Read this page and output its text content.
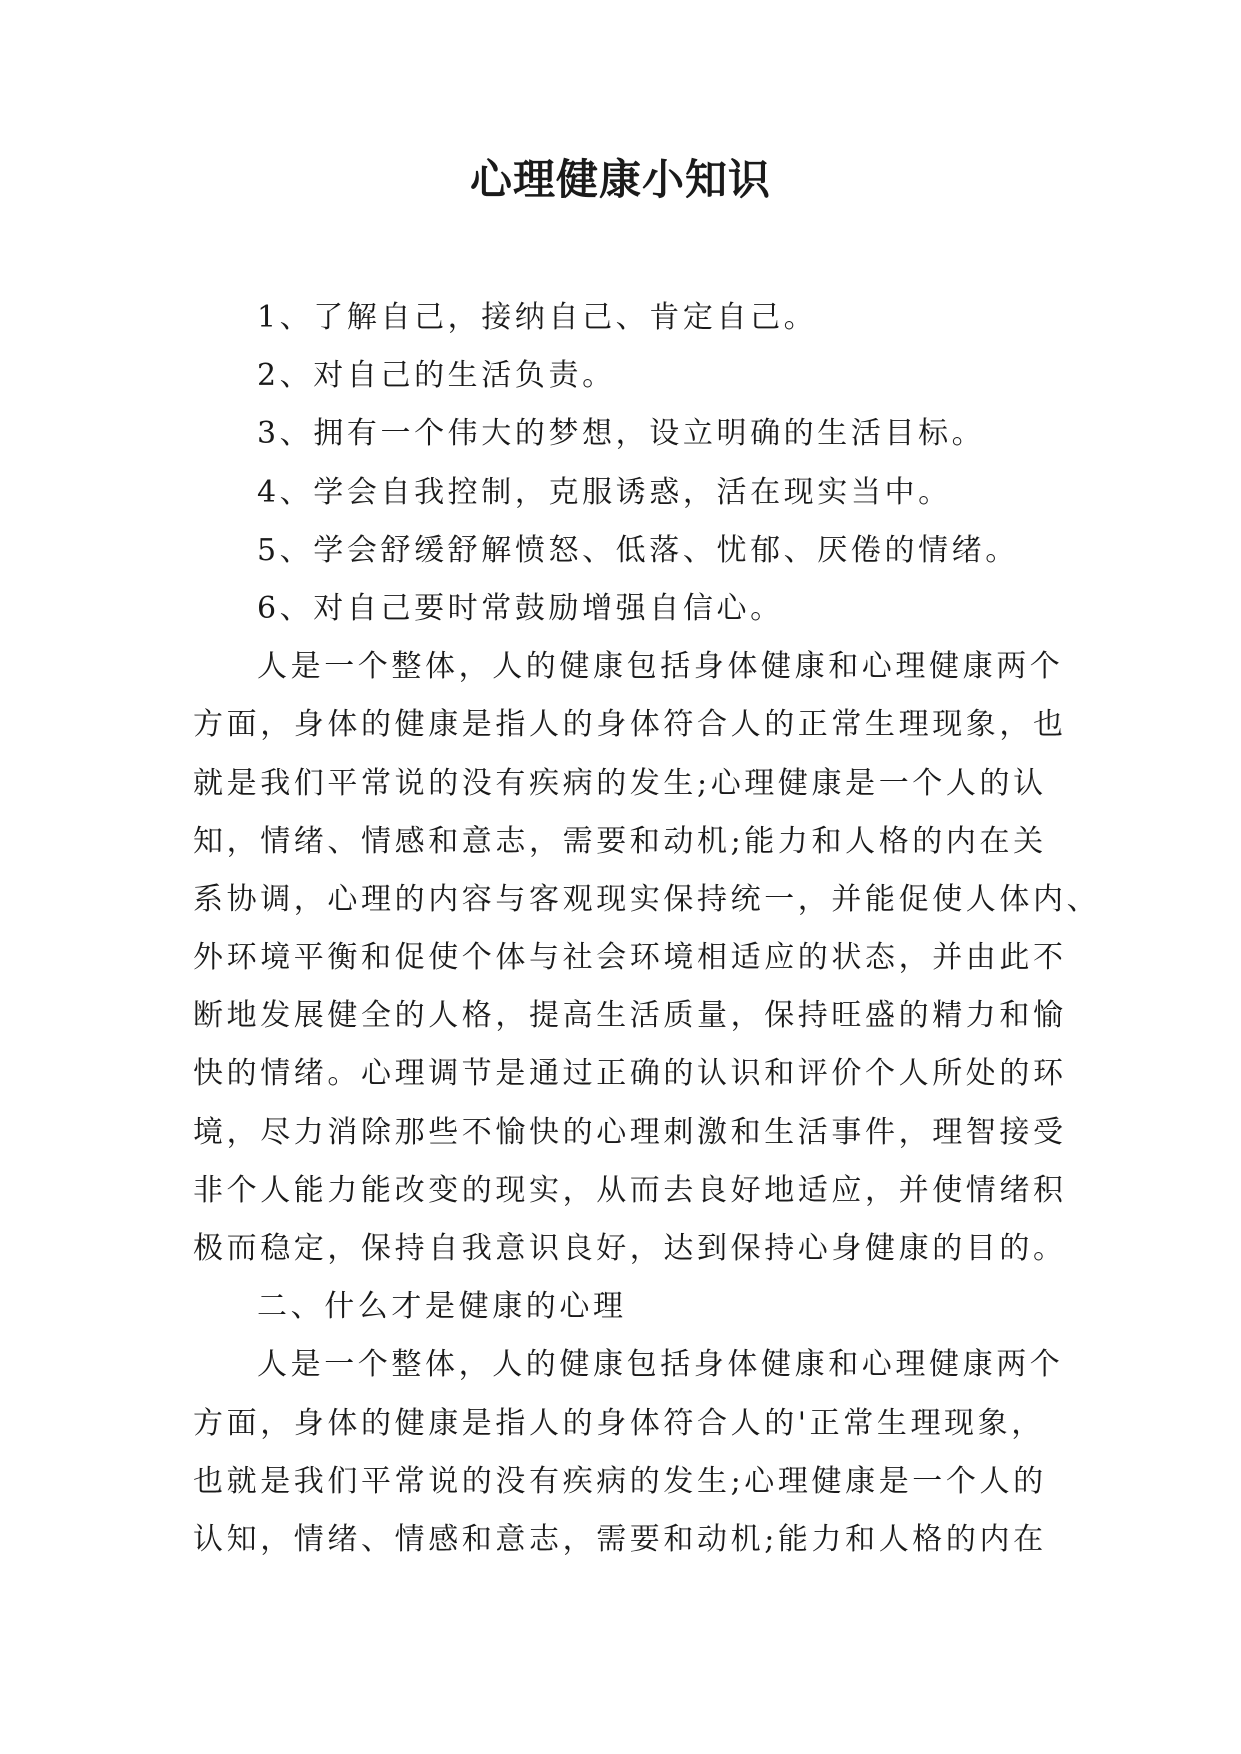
心理健康小知识
1、了解自己，接纳自己、肯定自己。
2、对自己的生活负责。
3、拥有一个伟大的梦想，设立明确的生活目标。
4、学会自我控制，克服诱惑，活在现实当中。
5、学会舒缓舒解愤怒、低落、忧郁、厌倦的情绪。
6、对自己要时常鼓励增强自信心。
人是一个整体，人的健康包括身体健康和心理健康两个
方面，身体的健康是指人的身体符合人的正常生理现象，也
就是我们平常说的没有疾病的发生;心理健康是一个人的认
知，情绪、情感和意志，需要和动机;能力和人格的内在关
系协调，心理的内容与客观现实保持统一，并能促使人体内、
外环境平衡和促使个体与社会环境相适应的状态，并由此不
断地发展健全的人格，提高生活质量，保持旺盛的精力和愉
快的情绪。心理调节是通过正确的认识和评价个人所处的环
境，尽力消除那些不愉快的心理刺激和生活事件，理智接受
非个人能力能改变的现实，从而去良好地适应，并使情绪积
极而稳定，保持自我意识良好，达到保持心身健康的目的。
二、什么才是健康的心理
人是一个整体，人的健康包括身体健康和心理健康两个
方面，身体的健康是指人的身体符合人的'正常生理现象，
也就是我们平常说的没有疾病的发生;心理健康是一个人的
认知，情绪、情感和意志，需要和动机;能力和人格的内在
